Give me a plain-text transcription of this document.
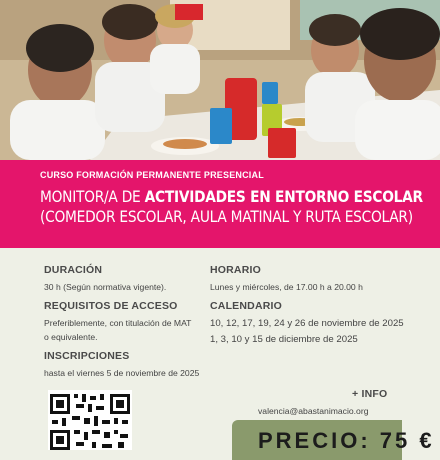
CURSO FORMACIÓN PERMANENTE PRESENCIAL
MONITOR/A DE ACTIVIDADES EN ENTORNO ESCOLAR
(COMEDOR ESCOLAR, AULA MATINAL Y RUTA ESCOLAR)
DURACIÓN
30 h (Según normativa vigente).
REQUISITOS DE ACCESO
Preferiblemente, con titulación de MAT
o equivalente.
INSCRIPCIONES
hasta el viernes 5 de noviembre de 2025
HORARIO
Lunes y miércoles, de 17.00 h a 20.00 h
CALENDARIO
10, 12, 17, 19, 24 y 26 de noviembre de 2025
1, 3, 10 y 15 de diciembre de 2025
+ INFO
valencia@abastanimacio.org
PRECIO: 75 €
